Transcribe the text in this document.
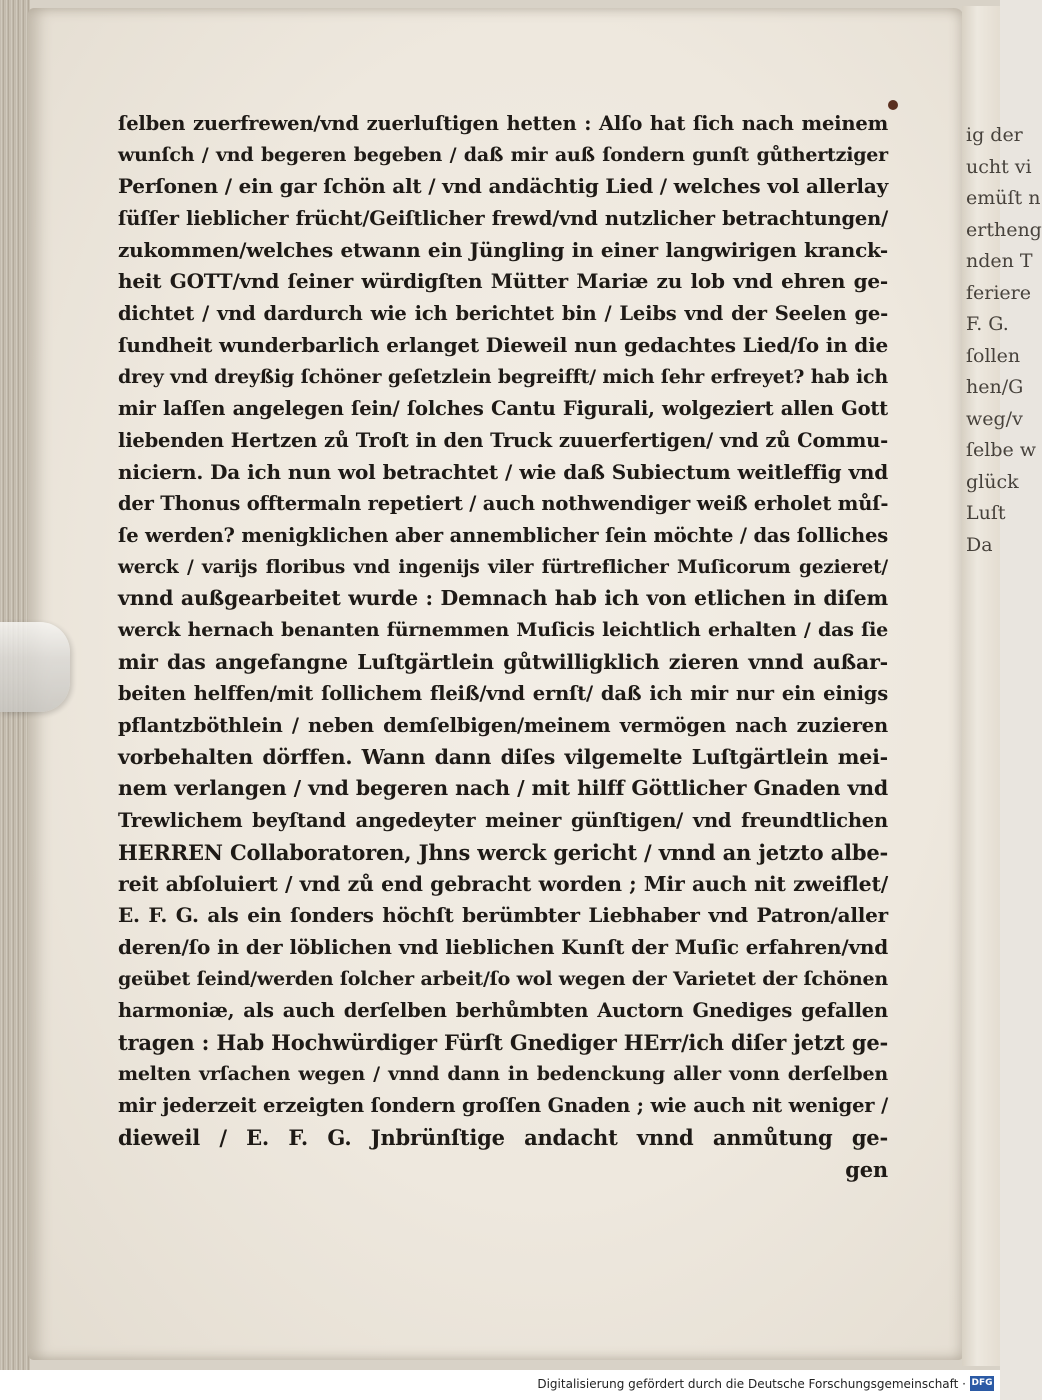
ig der
ucht vi
emüſt n
ertheng
nden T
feriere
F. G.
ſollen
hen/G
weg/v
ſelbe w
glück
Luſt
Da
ſelben zuerfrewen/vnd zuerluſtigen hetten : Alſo hat ſich nach meinem
wunſch / vnd begeren begeben / daß mir auß ſondern gunſt gůthertziger
Perſonen / ein gar ſchön alt / vnd andächtig Lied / welches vol allerlay
ſüſſer lieblicher frücht/Geiſtlicher frewd/vnd nutzlicher betrachtungen/
zukommen/welches etwann ein Jüngling in einer langwirigen kranck-
heit GOTT/vnd ſeiner würdigſten Mütter Mariæ zu lob vnd ehren ge-
dichtet / vnd dardurch wie ich berichtet bin / Leibs vnd der Seelen ge-
ſundheit wunderbarlich erlanget Dieweil nun gedachtes Lied/ſo in die
drey vnd dreyßig ſchöner geſetzlein begreifft/ mich ſehr erfreyet? hab ich
mir laſſen angelegen ſein/ ſolches Cantu Figurali, wolgeziert allen Gott
liebenden Hertzen zů Troſt in den Truck zuuerfertigen/ vnd zů Commu-
niciern. Da ich nun wol betrachtet / wie daß Subiectum weitleffig vnd
der Thonus offtermaln repetiert / auch nothwendiger weiß erholet můſ-
ſe werden? menigklichen aber annemblicher ſein möchte / das ſolliches
werck / varijs floribus vnd ingenijs viler fürtreflicher Muſicorum gezieret/
vnnd außgearbeitet wurde : Demnach hab ich von etlichen in diſem
werck hernach benanten fürnemmen Muſicis leichtlich erhalten / das ſie
mir das angefangne Luſtgärtlein gůtwilligklich zieren vnnd außar-
beiten helffen/mit ſollichem fleiß/vnd ernſt/ daß ich mir nur ein einigs
pflantzböthlein / neben demſelbigen/meinem vermögen nach zuzieren
vorbehalten dörffen. Wann dann diſes vilgemelte Luſtgärtlein mei-
nem verlangen / vnd begeren nach / mit hilff Göttlicher Gnaden vnd
Trewlichem beyſtand angedeyter meiner günſtigen/ vnd freundtlichen
HERREN Collaboratoren, Jhns werck gericht / vnnd an jetzto albe-
reit abſoluiert / vnd zů end gebracht worden ; Mir auch nit zweiflet/
E. F. G. als ein ſonders höchſt berümbter Liebhaber vnd Patron/aller
deren/ſo in der löblichen vnd lieblichen Kunſt der Muſic erfahren/vnd
geübet ſeind/werden ſolcher arbeit/ſo wol wegen der Varietet der ſchönen
harmoniæ, als auch derſelben berhůmbten Auctorn Gnediges gefallen
tragen : Hab Hochwürdiger Fürſt Gnediger HErr/ich diſer jetzt ge-
melten vrſachen wegen / vnnd dann in bedenckung aller vonn derſelben
mir jederzeit erzeigten ſondern groſſen Gnaden ; wie auch nit weniger /
dieweil / E. F. G. Jnbrünſtige andacht vnnd anmůtung ge-
gen
Digitalisierung gefördert durch die Deutsche Forschungsgemeinschaft · DFG
